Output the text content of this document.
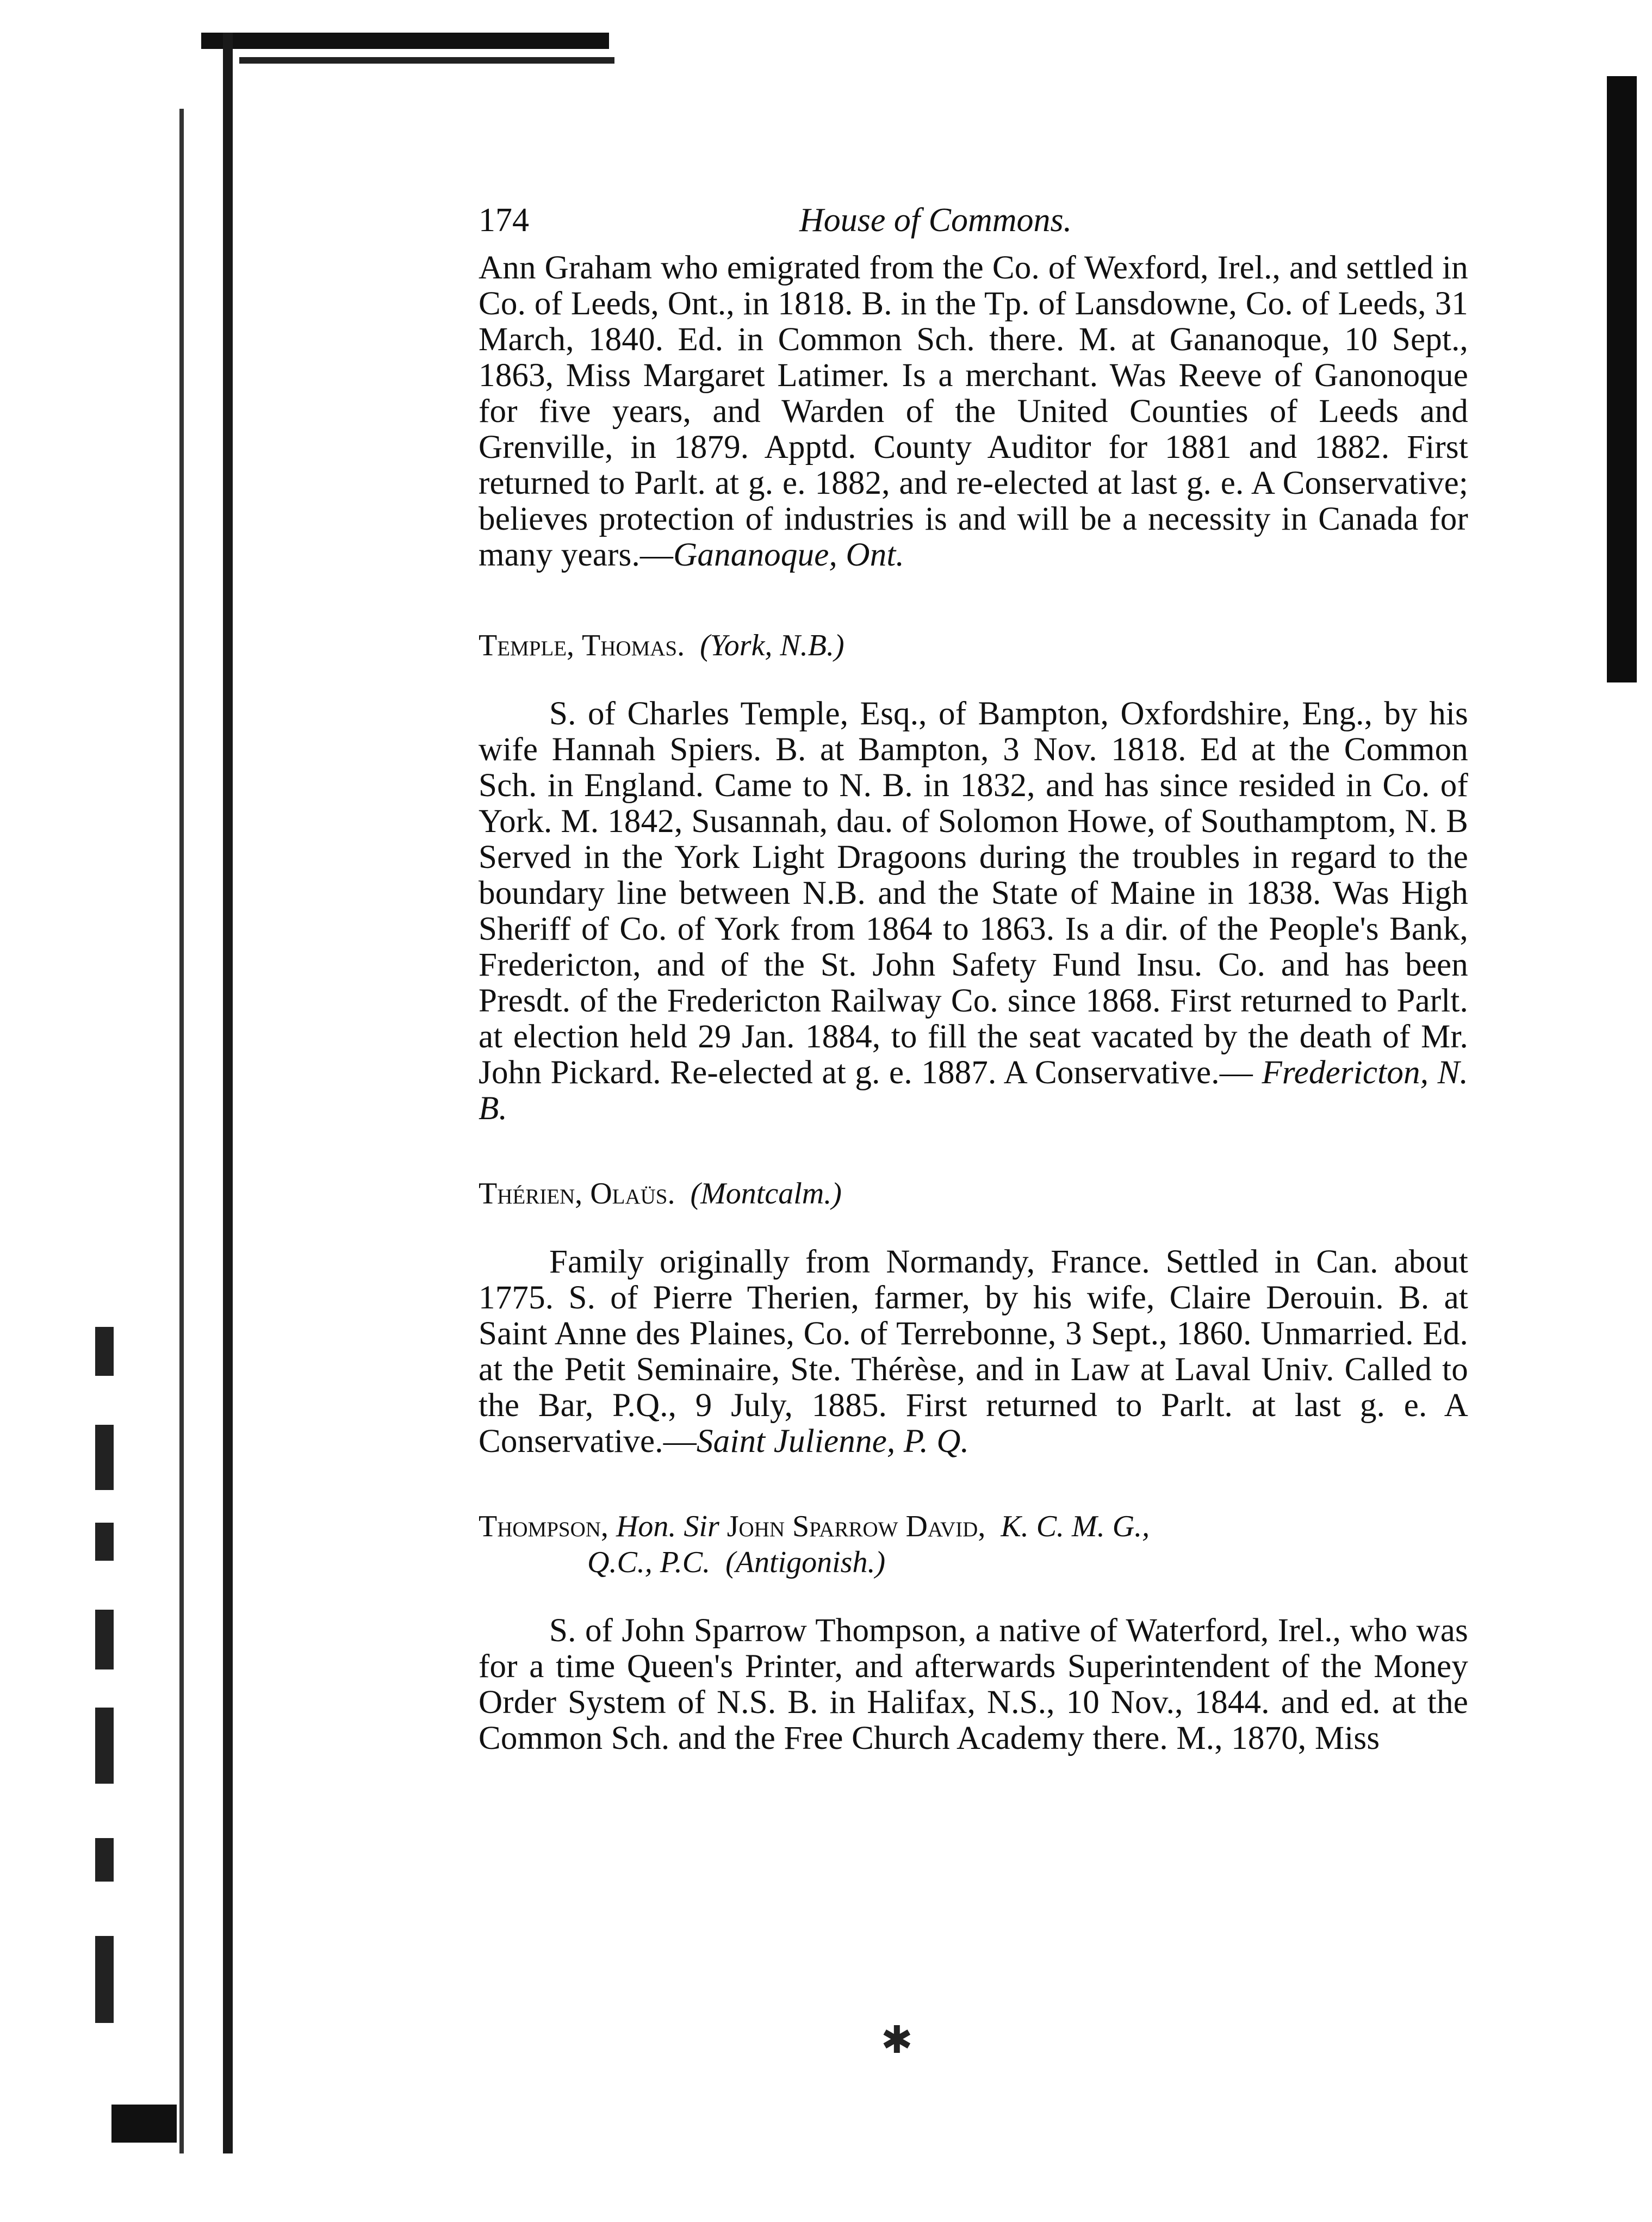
✱
174	House of Commons.

Ann Graham who emigrated from the Co. of Wexford, Irel., and settled in Co. of Leeds, Ont., in 1818. B. in the Tp. of Lansdowne, Co. of Leeds, 31 March, 1840. Ed. in Common Sch. there. M. at Gananoque, 10 Sept., 1863, Miss Margaret Latimer. Is a merchant. Was Reeve of Ganonoque for five years, and Warden of the United Counties of Leeds and Grenville, in 1879. Apptd. County Auditor for 1881 and 1882. First returned to Parlt. at g. e. 1882, and re-elected at last g. e. A Conservative; believes protection of industries is and will be a necessity in Canada for many years.—Gananoque, Ont.

Temple, Thomas. (York, N.B.)

S. of Charles Temple, Esq., of Bampton, Oxfordshire, Eng., by his wife Hannah Spiers. B. at Bampton, 3 Nov. 1818. Ed at the Common Sch. in England. Came to N. B. in 1832, and has since resided in Co. of York. M. 1842, Susannah, dau. of Solomon Howe, of Southamptom, N. B Served in the York Light Dragoons during the troubles in regard to the boundary line between N.B. and the State of Maine in 1838. Was High Sheriff of Co. of York from 1864 to 1863. Is a dir. of the People's Bank, Fredericton, and of the St. John Safety Fund Insu. Co. and has been Presdt. of the Fredericton Railway Co. since 1868. First returned to Parlt. at election held 29 Jan. 1884, to fill the seat vacated by the death of Mr. John Pickard. Re-elected at g. e. 1887. A Conservative.— Fredericton, N. B.

Thérien, Olaüs. (Montcalm.)

Family originally from Normandy, France. Settled in Can. about 1775. S. of Pierre Therien, farmer, by his wife, Claire Derouin. B. at Saint Anne des Plaines, Co. of Terrebonne, 3 Sept., 1860. Unmarried. Ed. at the Petit Seminaire, Ste. Thérèse, and in Law at Laval Univ. Called to the Bar, P.Q., 9 July, 1885. First returned to Parlt. at last g. e. A Conservative.—Saint Julienne, P. Q.

Thompson, Hon. Sir John Sparrow David, K. C. M. G.,

Q.C., P.C. (Antigonish.)

S. of John Sparrow Thompson, a native of Waterford, Irel., who was for a time Queen's Printer, and afterwards Superintendent of the Money Order System of N.S. B. in Halifax, N.S., 10 Nov., 1844. and ed. at the Common Sch. and the Free Church Academy there. M., 1870, Miss
